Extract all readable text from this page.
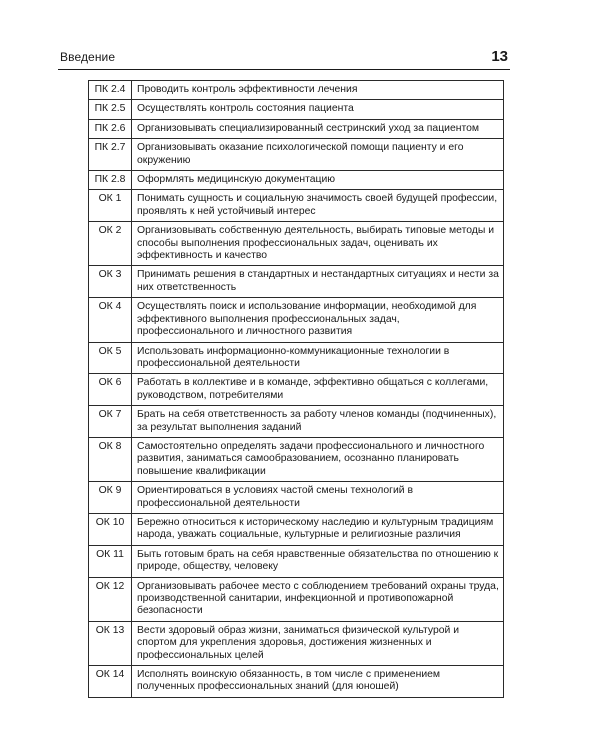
Введение	13
ПК 2.4	Проводить контроль эффективности лечения
ПК 2.5	Осуществлять контроль состояния пациента
ПК 2.6	Организовывать специализированный сестринский уход за пациентом
ПК 2.7	Организовывать оказание психологической помощи пациенту и его окружению
ПК 2.8	Оформлять медицинскую документацию
ОК 1	Понимать сущность и социальную значимость своей будущей профессии, проявлять к ней устойчивый интерес
ОК 2	Организовывать собственную деятельность, выбирать типовые методы и способы выполнения профессиональных задач, оценивать их эффективность и качество
ОК 3	Принимать решения в стандартных и нестандартных ситуациях и нести за них ответственность
ОК 4	Осуществлять поиск и использование информации, необходимой для эффективного выполнения профессиональных задач, профессионального и личностного развития
ОК 5	Использовать информационно-коммуникационные технологии в профессиональной деятельности
ОК 6	Работать в коллективе и в команде, эффективно общаться с коллегами, руководством, потребителями
ОК 7	Брать на себя ответственность за работу членов команды (подчиненных), за результат выполнения заданий
ОК 8	Самостоятельно определять задачи профессионального и личностного развития, заниматься самообразованием, осознанно планировать повышение квалификации
ОК 9	Ориентироваться в условиях частой смены технологий в профессиональной деятельности
ОК 10	Бережно относиться к историческому наследию и культурным традициям народа, уважать социальные, культурные и религиозные различия
ОК 11	Быть готовым брать на себя нравственные обязательства по отношению к природе, обществу, человеку
ОК 12	Организовывать рабочее место с соблюдением требований охраны труда, производственной санитарии, инфекционной и противопожарной безопасности
ОК 13	Вести здоровый образ жизни, заниматься физической культурой и спортом для укрепления здоровья, достижения жизненных и профессиональных целей
ОК 14	Исполнять воинскую обязанность, в том числе с применением полученных профессиональных знаний (для юношей)
